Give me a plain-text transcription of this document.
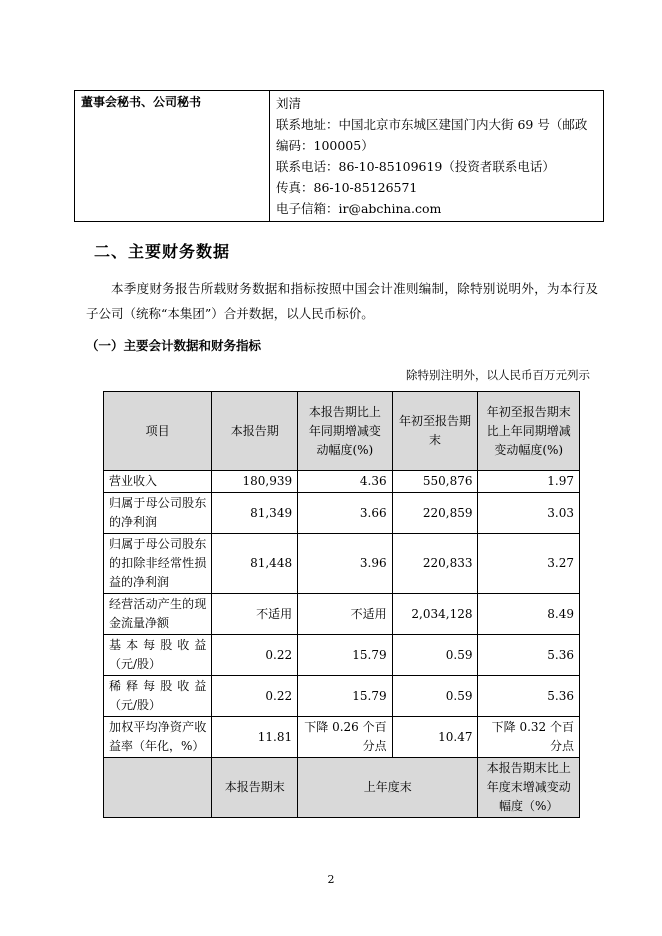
董事会秘书、公司秘书	刘清
联系地址：中国北京市东城区建国门内大街 69 号（邮政
编码：100005）
联系电话：86-10-85109619（投资者联系电话）
传真：86-10-85126571
电子信箱：ir@abchina.com
二、主要财务数据
本季度财务报告所载财务数据和指标按照中国会计准则编制，除特别说明外，为本行及子公司（统称“本集团”）合并数据，以人民币标价。
（一）主要会计数据和财务指标
除特别注明外，以人民币百万元列示
项目	本报告期	本报告期比上年同期增减变动幅度(%)	年初至报告期末	年初至报告期末比上年同期增减变动幅度(%)
营业收入	180,939	4.36	550,876	1.97
归属于母公司股东的净利润	81,349	3.66	220,859	3.03
归属于母公司股东的扣除非经常性损益的净利润	81,448	3.96	220,833	3.27
经营活动产生的现金流量净额	不适用	不适用	2,034,128	8.49
基本每股收益（元/股）	0.22	15.79	0.59	5.36
稀释每股收益（元/股）	0.22	15.79	0.59	5.36
加权平均净资产收益率（年化，%）	11.81	下降 0.26 个百分点	10.47	下降 0.32 个百分点
	本报告期末	上年度末		本报告期末比上年度末增减变动幅度（%）
2
